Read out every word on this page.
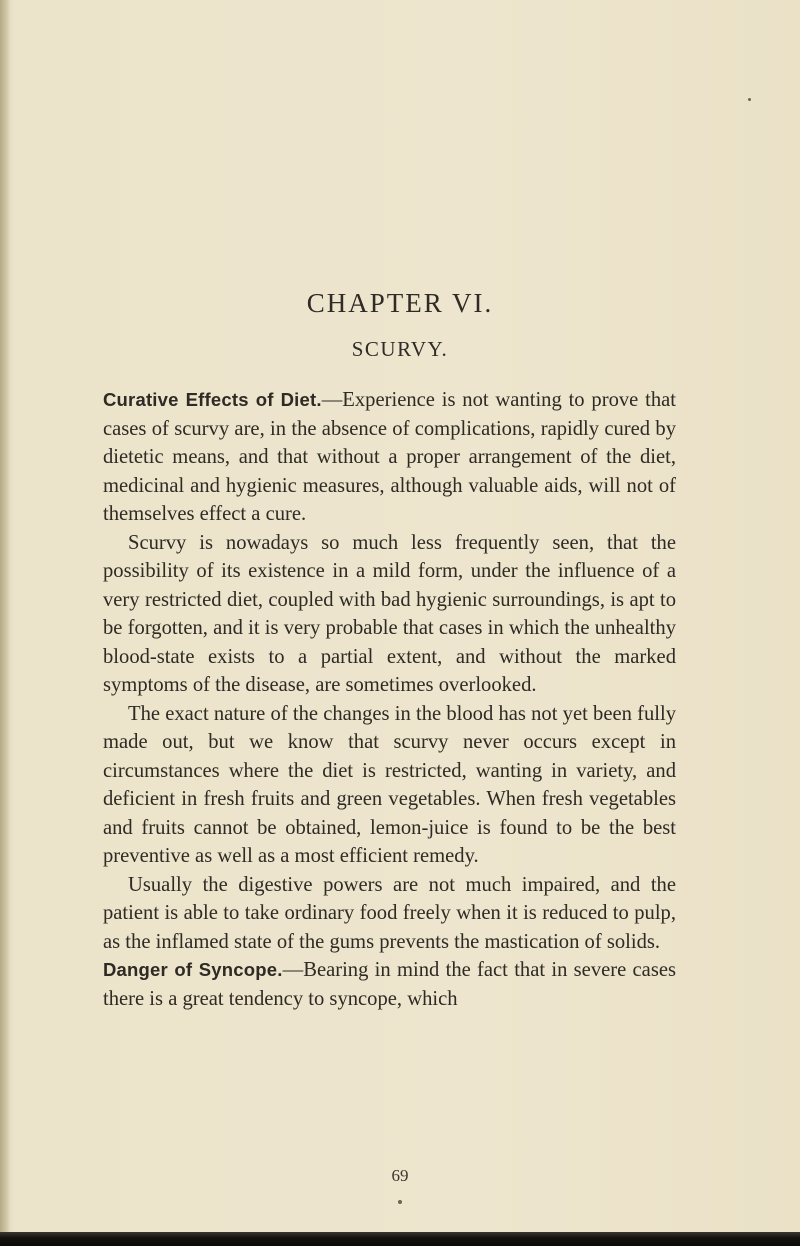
CHAPTER VI.
SCURVY.

Curative Effects of Diet.—Experience is not wanting to prove that cases of scurvy are, in the absence of complications, rapidly cured by dietetic means, and that without a proper arrangement of the diet, medicinal and hygienic measures, although valuable aids, will not of themselves effect a cure.

Scurvy is nowadays so much less frequently seen, that the possibility of its existence in a mild form, under the influence of a very restricted diet, coupled with bad hygienic surroundings, is apt to be forgotten, and it is very probable that cases in which the unhealthy blood-state exists to a partial extent, and without the marked symptoms of the disease, are sometimes overlooked.

The exact nature of the changes in the blood has not yet been fully made out, but we know that scurvy never occurs except in circumstances where the diet is restricted, wanting in variety, and deficient in fresh fruits and green vegetables. When fresh vegetables and fruits cannot be obtained, lemon-juice is found to be the best preventive as well as a most efficient remedy.

Usually the digestive powers are not much impaired, and the patient is able to take ordinary food freely when it is reduced to pulp, as the inflamed state of the gums prevents the mastication of solids.

Danger of Syncope.—Bearing in mind the fact that in severe cases there is a great tendency to syncope, which

69
